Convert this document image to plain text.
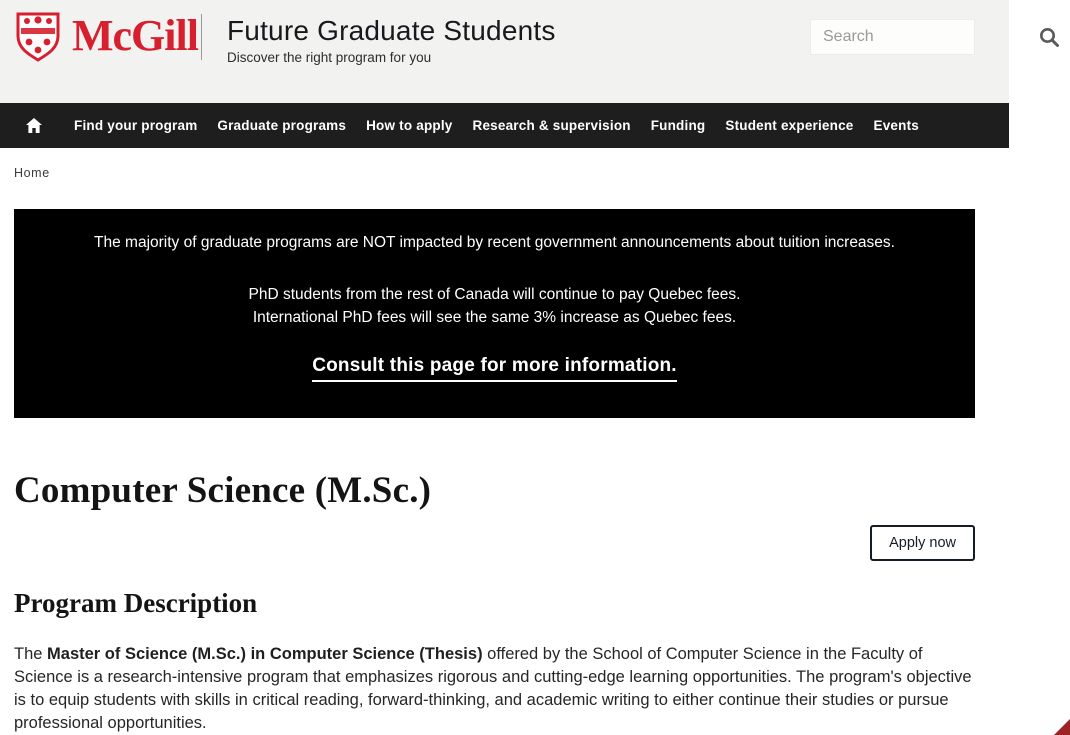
McGill Future Graduate Students
Discover the right program for you
Search
Find your program	Graduate programs	How to apply	Research & supervision	Funding	Student experience	Events
Home
The majority of graduate programs are NOT impacted by recent government announcements about tuition increases.
PhD students from the rest of Canada will continue to pay Quebec fees.
International PhD fees will see the same 3% increase as Quebec fees.
Consult this page for more information.
Computer Science (M.Sc.)
Apply now
Program Description

The Master of Science (M.Sc.) in Computer Science (Thesis) offered by the School of Computer Science in the Faculty of Science is a research-intensive program that emphasizes rigorous and cutting-edge learning opportunities. The program's objective is to equip students with skills in critical reading, forward-thinking, and academic writing to either continue their studies or pursue professional opportunities.
